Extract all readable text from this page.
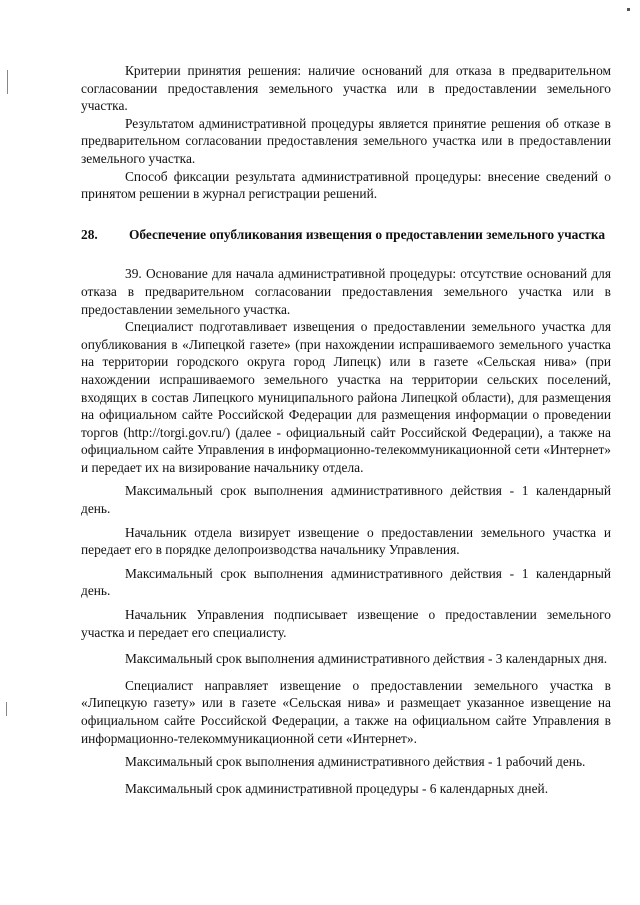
Критерии принятия решения: наличие оснований для отказа в предварительном согласовании предоставления земельного участка или в предоставлении земельного участка.

Результатом административной процедуры является принятие решения об отказе в предварительном согласовании предоставления земельного участка или в предоставлении земельного участка.

Способ фиксации результата административной процедуры: внесение сведений о принятом решении в журнал регистрации решений.

28.	Обеспечение опубликования извещения о предоставлении земельного участка

39. Основание для начала административной процедуры: отсутствие оснований для отказа в предварительном согласовании предоставления земельного участка или в предоставлении земельного участка.

Специалист подготавливает извещения о предоставлении земельного участка для опубликования в «Липецкой газете» (при нахождении испрашиваемого земельного участка на территории городского округа город Липецк) или в газете «Сельская нива» (при нахождении испрашиваемого земельного участка на территории сельских поселений, входящих в состав Липецкого муниципального района Липецкой области), для размещения на официальном сайте Российской Федерации для размещения информации о проведении торгов (http://torgi.gov.ru/) (далее - официальный сайт Российской Федерации), а также на официальном сайте Управления в информационно-телекоммуникационной сети «Интернет» и передает их на визирование начальнику отдела.

Максимальный срок выполнения административного действия - 1 календарный день.

Начальник отдела визирует извещение о предоставлении земельного участка и передает его в порядке делопроизводства начальнику Управления.

Максимальный срок выполнения административного действия - 1 календарный день.

Начальник Управления подписывает извещение о предоставлении земельного участка и передает его специалисту.

Максимальный срок выполнения административного действия - 3 календарных дня.

Специалист направляет извещение о предоставлении земельного участка в «Липецкую газету» или в газете «Сельская нива» и размещает указанное извещение на официальном сайте Российской Федерации, а также на официальном сайте Управления в информационно-телекоммуникационной сети «Интернет».

Максимальный срок выполнения административного действия - 1 рабочий день.

Максимальный срок административной процедуры - 6 календарных дней.
